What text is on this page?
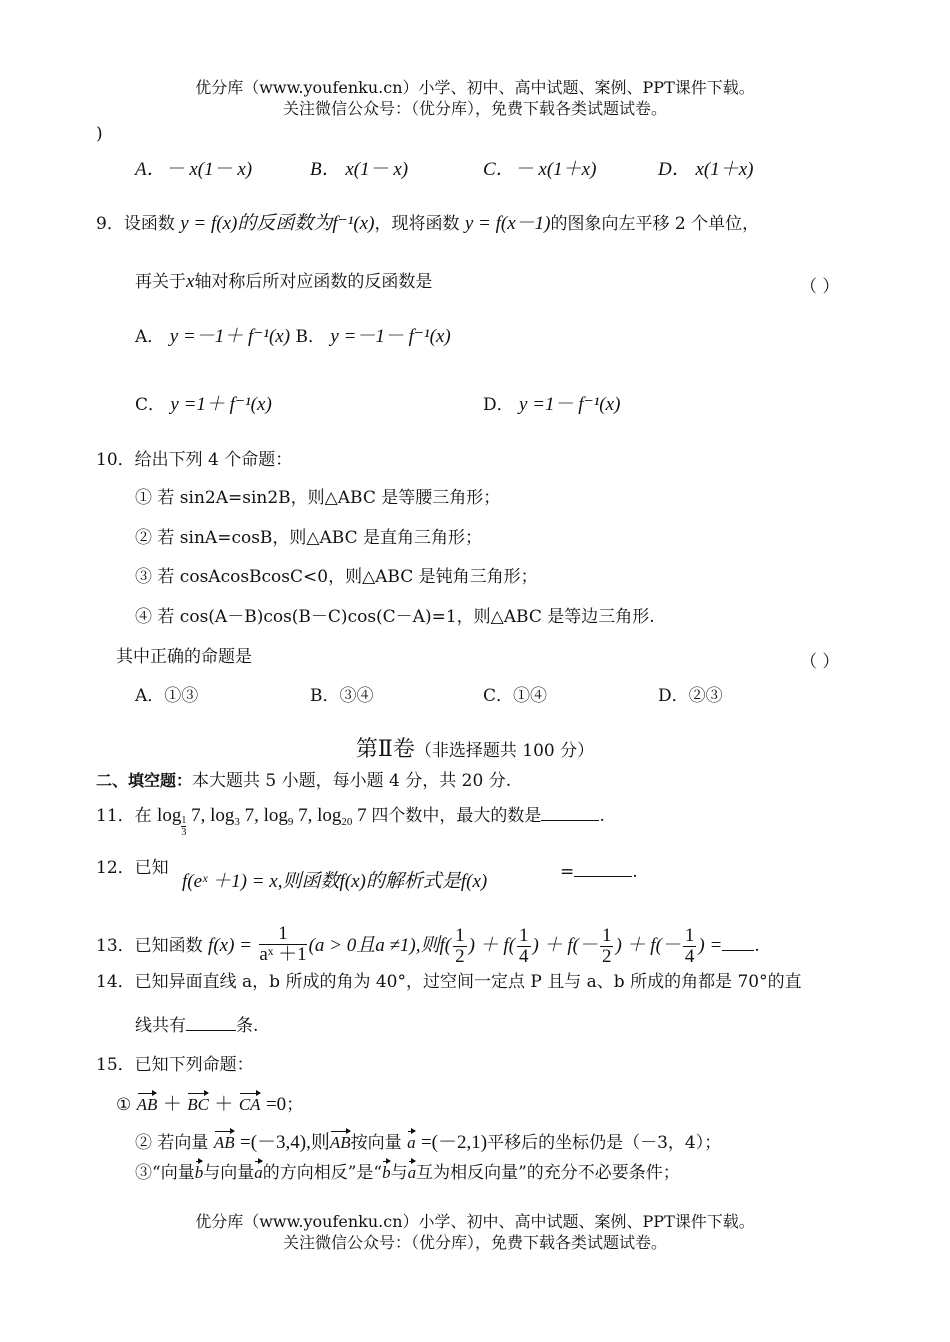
优分库（www.youfenku.cn）小学、初中、高中试题、案例、PPT课件下载。
关注微信公众号：（优分库），免费下载各类试题试卷。
)
A．－ x(1－ x)	B． x(1－ x)	C．－ x(1＋x)	D． x(1＋x)
9．设函数 y = f(x)的反函数为f⁻¹(x)，现将函数 y = f(x－1)的图象向左平移 2 个单位，
再关于x轴对称后所对应函数的反函数是	（ ）
A． y =－1＋ f⁻¹(x) B． y =－1－ f⁻¹(x)
C． y =1＋ f⁻¹(x)	D． y =1－ f⁻¹(x)
10．给出下列 4 个命题：
① 若 sin2A=sin2B，则△ABC 是等腰三角形；
② 若 sinA=cosB，则△ABC 是直角三角形；
③ 若 cosAcosBcosC<0，则△ABC 是钝角三角形；
④ 若 cos(A－B)cos(B－C)cos(C－A)=1，则△ABC 是等边三角形.
其中正确的命题是	（ ）
A．①③	B．③④	C．①④	D．②③
第Ⅱ卷（非选择题共 100 分）
二、填空题：本大题共 5 小题，每小题 4 分，共 20 分.
11．在 $\log \frac{1}{3} 7$, $\log_3 7$, $\log_9 7$, $\log_{20} 7$ 四个数中，最大的数是	.
12．已知
f(eˣ ＋1) = x,则函数f(x)的解析式是f(x)	=	.
13．已知函数 $f(x) = \frac{1}{\text{aˣ ＋1}} (a > 0$且a ≠1),则$f( \frac{1}{2}$ ) ＋ $f( \frac{1}{4}$ ) ＋ $f(- \frac{1}{2}$ ) ＋ $f(- \frac{1}{4}$ ) = .
14．已知异面直线 a，b 所成的角为 40°，过空间一定点 P 且与 a、b 所成的角都是 70°的直
线共有	条.
15．已知下列命题：
① AB ＋ BC ＋ CA =0；
② 若向量 AB =(－3,4),则AB按向量 a =(－2,1)平移后的坐标仍是（－3，4）；
③“向量b与向量a的方向相反”是“b与a互为相反向量”的充分不必要条件；
优分库（www.youfenku.cn）小学、初中、高中试题、案例、PPT课件下载。
关注微信公众号：（优分库），免费下载各类试题试卷。
